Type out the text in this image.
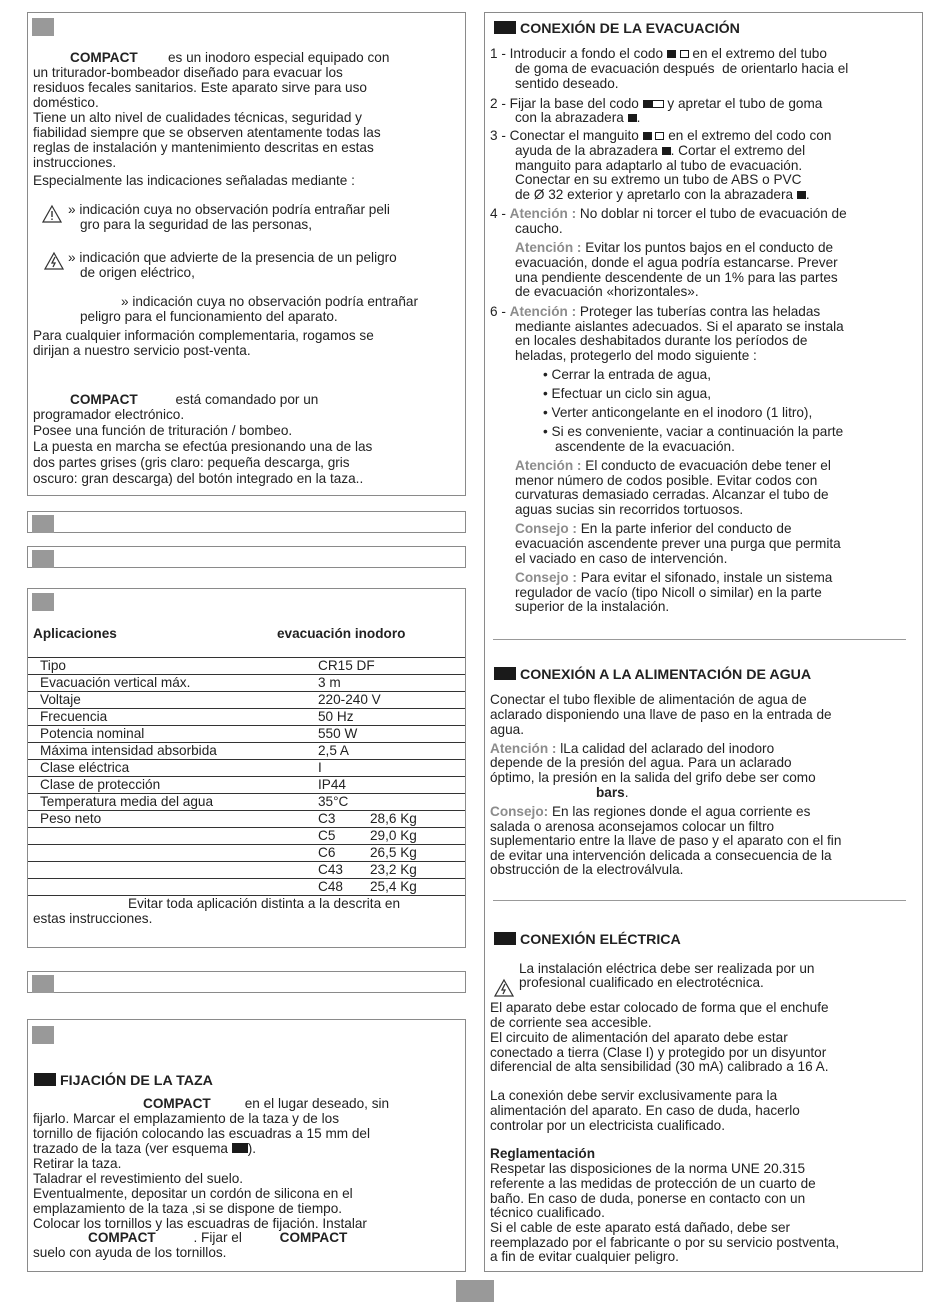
COMPACT es un inodoro especial equipado con

un triturador-bombeador diseñado para evacuar los

residuos fecales sanitarios. Este aparato sirve para uso

doméstico.

Tiene un alto nivel de cualidades técnicas, seguridad y

fiabilidad siempre que se observen atentamente todas las

reglas de instalación y mantenimiento descritas en estas

instrucciones.

Especialmente las indicaciones señaladas mediante :

» indicación cuya no observación podría entrañar peli

gro para la seguridad de las personas,

» indicación que advierte de la presencia de un peligro

de origen eléctrico,

» indicación cuya no observación podría entrañar

peligro para el funcionamiento del aparato.

Para cualquier información complementaria, rogamos se

dirijan a nuestro servicio post-venta.

COMPACT	está comandado por un

programador electrónico.

Posee una función de trituración / bombeo.

La puesta en marcha se efectúa presionando una de las

dos partes grises (gris claro: pequeña descarga, gris

oscuro: gran descarga) del botón integrado en la taza..

Aplicaciones	evacuación inodoro

Tipo	CR15 DF	
Evacuación vertical máx.	3 m	
Voltaje	220-240 V	
Frecuencia	50 Hz	
Potencia nominal	550 W	
Máxima intensidad absorbida	2,5 A	
Clase eléctrica	I	
Clase de protección	IP44	
Temperatura media del agua	35°C	
Peso neto	C3	28,6 Kg
	C5	29,0 Kg
	C6	26,5 Kg
	C43	23,2 Kg
	C48	25,4 Kg

Evitar toda aplicación distinta a la descrita en

estas instrucciones.

FIJACIÓN DE LA TAZA

COMPACT	en el lugar deseado, sin

fijarlo. Marcar el emplazamiento de la taza y de los

tornillo de fijación colocando las escuadras a 15 mm del

trazado de la taza (ver esquema ).

Retirar la taza.

Taladrar el revestimiento del suelo.

Eventualmente, depositar un cordón de silicona en el

emplazamiento de la taza ,si se dispone de tiempo.

Colocar los tornillos y las escuadras de fijación. Instalar

COMPACT	. Fijar el	COMPACT

suelo con ayuda de los tornillos.

CONEXIÓN DE LA EVACUACIÓN

1 - Introducir a fondo el codo en el extremo del tubo

de goma de evacuación después  de orientarlo hacia el

sentido deseado.

2 - Fijar la base del codo y apretar el tubo de goma

con la abrazadera .

3 - Conectar el manguito en el extremo del codo con

ayuda de la abrazadera . Cortar el extremo del

manguito para adaptarlo al tubo de evacuación.

Conectar en su extremo un tubo de ABS o PVC

de Ø 32 exterior y apretarlo con la abrazadera .

4 - Atención : No doblar ni torcer el tubo de evacuación de

caucho.

Atención : Evitar los puntos bajos en el conducto de

evacuación, donde el agua podría estancarse. Prever

una pendiente descendente de un 1% para las partes

de evacuación «horizontales».

6 - Atención : Proteger las tuberías contra las heladas

mediante aislantes adecuados. Si el aparato se instala

en locales deshabitados durante los períodos de

heladas, protegerlo del modo siguiente :

• Cerrar la entrada de agua,

• Efectuar un ciclo sin agua,

• Verter anticongelante en el inodoro (1 litro),

• Si es conveniente, vaciar a continuación la parte

ascendente de la evacuación.

Atención : El conducto de evacuación debe tener el

menor número de codos posible. Evitar codos con

curvaturas demasiado cerradas. Alcanzar el tubo de

aguas sucias sin recorridos tortuosos.

Consejo : En la parte inferior del conducto de

evacuación ascendente prever una purga que permita

el vaciado en caso de intervención.

Consejo : Para evitar el sifonado, instale un sistema

regulador de vacío (tipo Nicoll o similar) en la parte

superior de la instalación.

CONEXIÓN A LA ALIMENTACIÓN DE AGUA

Conectar el tubo flexible de alimentación de agua de

aclarado disponiendo una llave de paso en la entrada de

agua.

Atención : lLa calidad del aclarado del inodoro

depende de la presión del agua. Para un aclarado

óptimo, la presión en la salida del grifo debe ser como

bars.

Consejo: En las regiones donde el agua corriente es

salada o arenosa aconsejamos colocar un filtro

suplementario entre la llave de paso y el aparato con el fin

de evitar una intervención delicada a consecuencia de la

obstrucción de la electroválvula.

CONEXIÓN ELÉCTRICA

La instalación eléctrica debe ser realizada por un

profesional cualificado en electrotécnica.

El aparato debe estar colocado de forma que el enchufe

de corriente sea accesible.

El circuito de alimentación del aparato debe estar

conectado a tierra (Clase I) y protegido por un disyuntor

diferencial de alta sensibilidad (30 mA) calibrado a 16 A.

La conexión debe servir exclusivamente para la

alimentación del aparato. En caso de duda, hacerlo

controlar por un electricista cualificado.

Reglamentación

Respetar las disposiciones de la norma UNE 20.315

referente a las medidas de protección de un cuarto de

baño. En caso de duda, ponerse en contacto con un

técnico cualificado.

Si el cable de este aparato está dañado, debe ser

reemplazado por el fabricante o por su servicio postventa,

a fin de evitar cualquier peligro.
